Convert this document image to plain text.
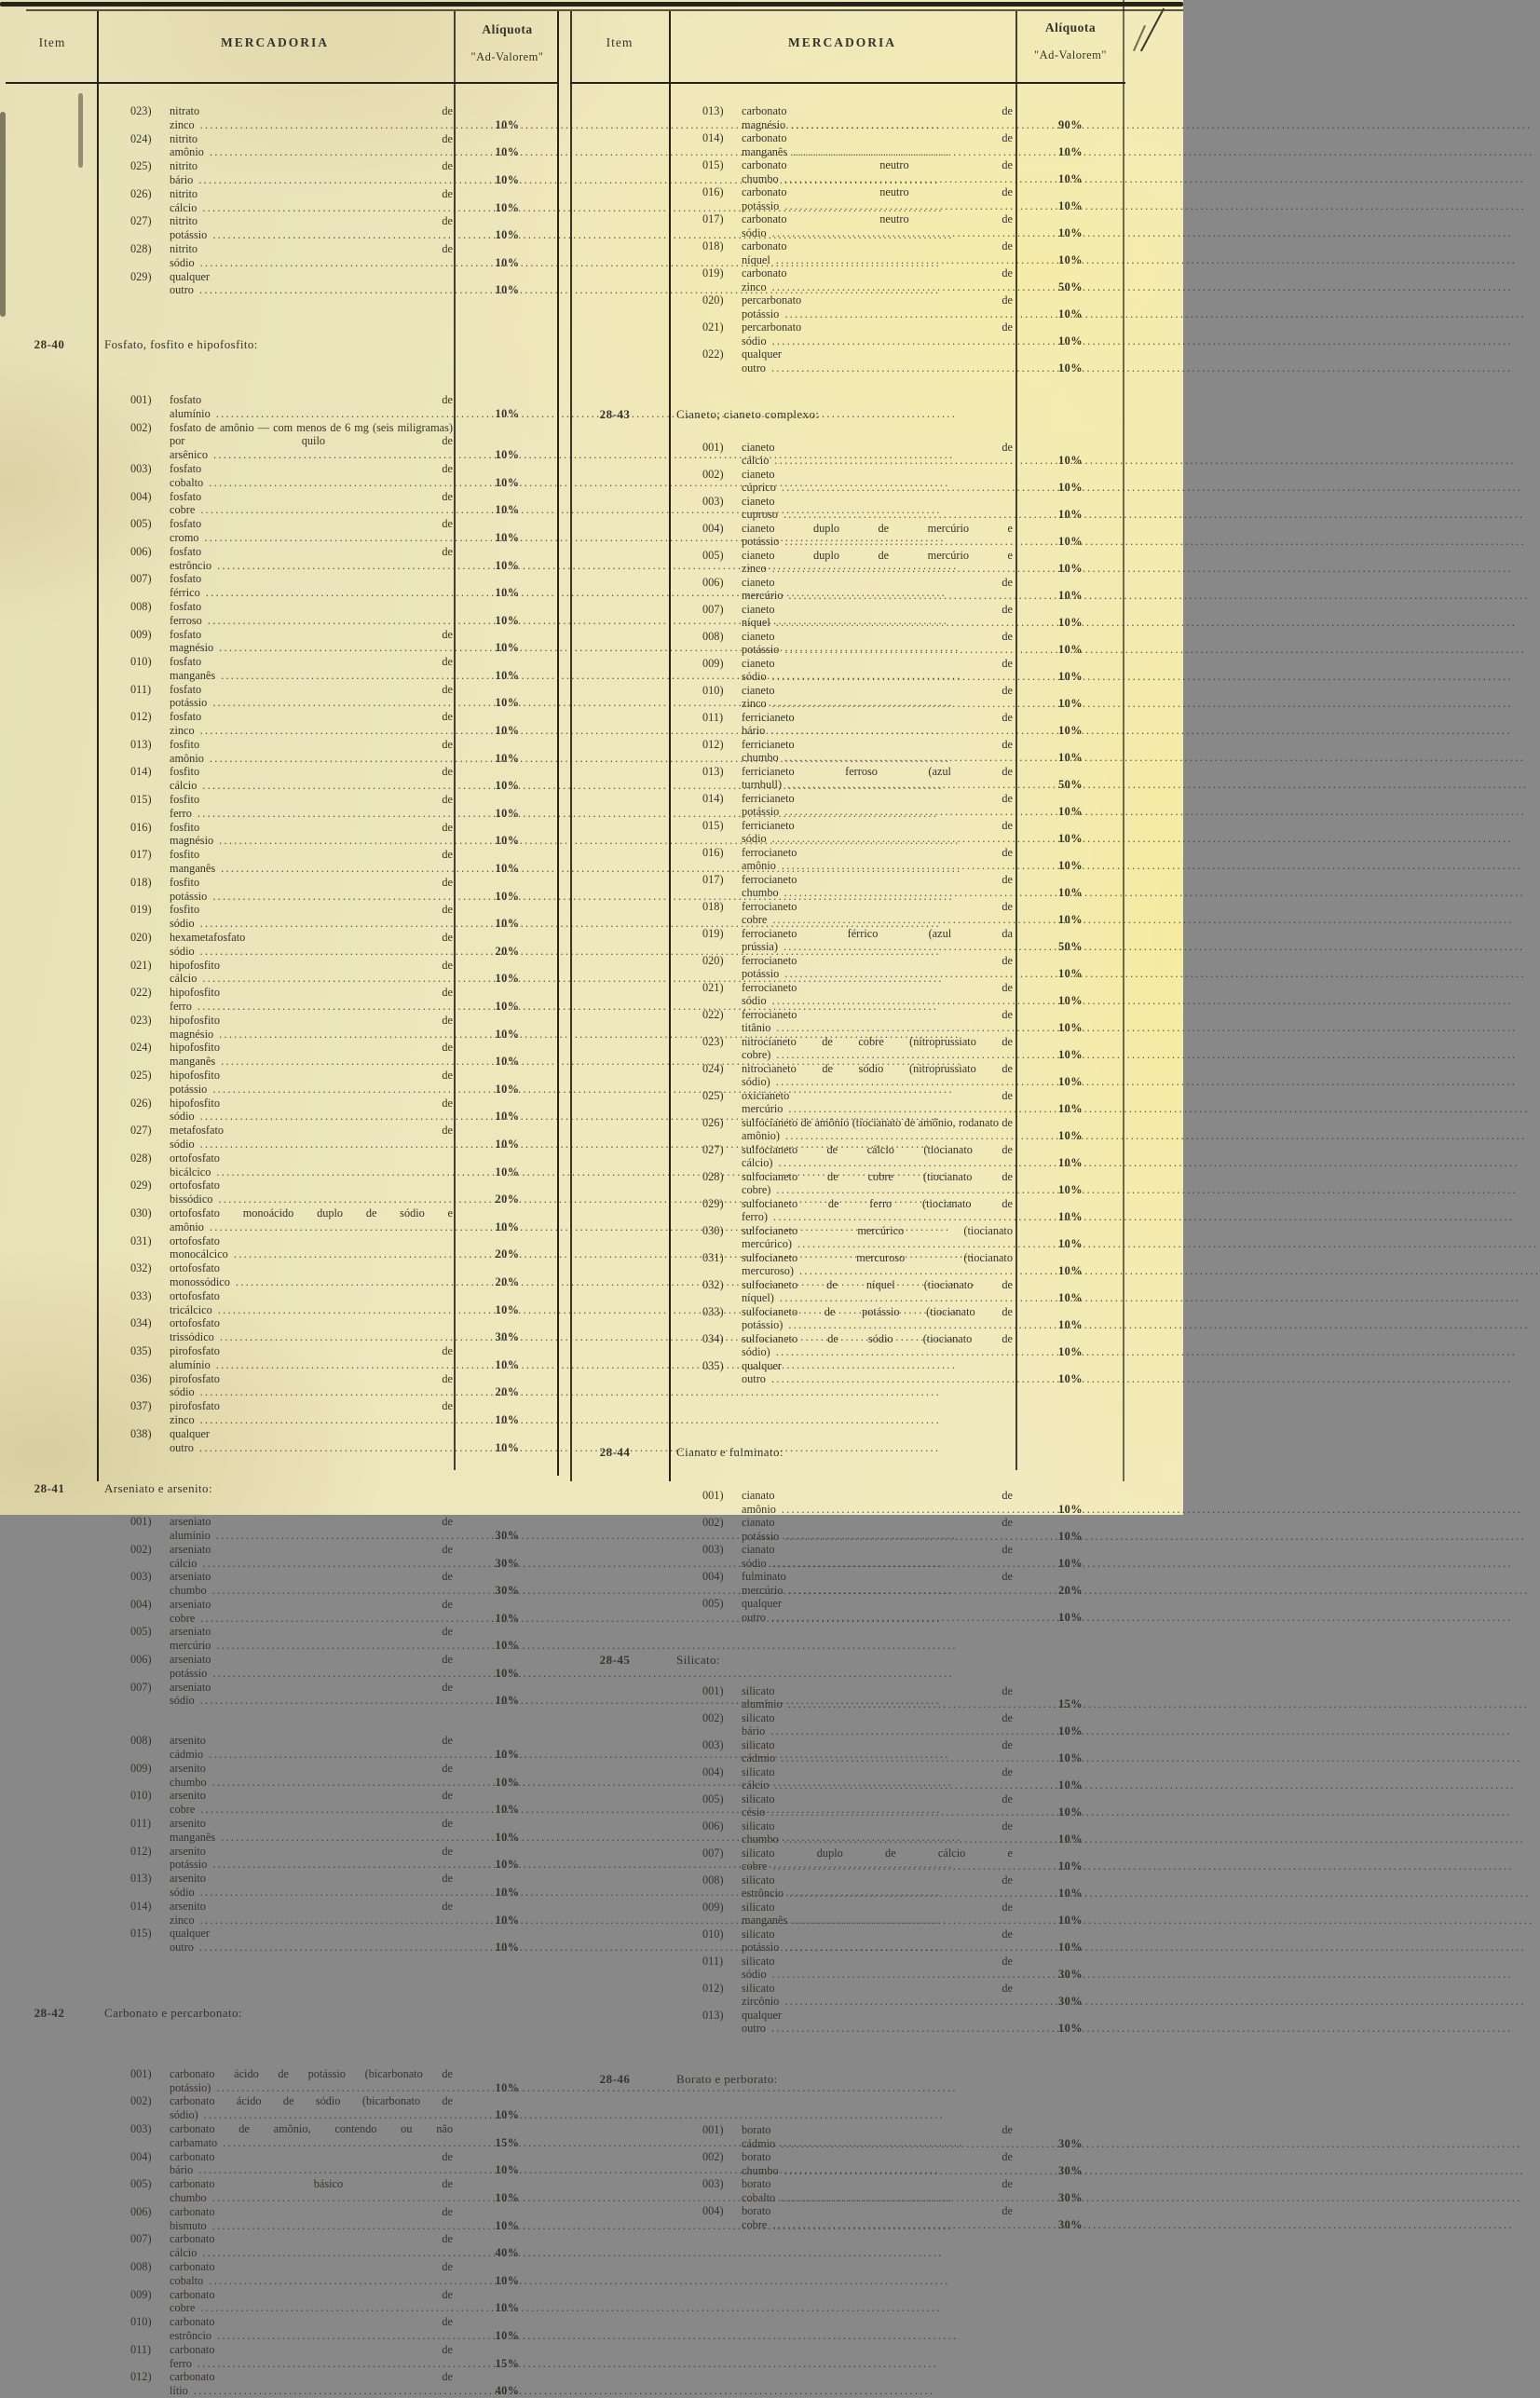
Item	MERCADORIA
Alíquota
"Ad-Valorem"
023)	nitrato de zinco .....	10%
024)	nitrito de amônio .....	10%
025)	nitrito de bário .....	10%
026)	nitrito de cálcio .....	10%
027)	nitrito de potássio .....	10%
028)	nitrito de sódio .....	10%
029)	qualquer outro .....	10%
28-40	Fosfato, fosfito e hipofosfito:
001)	fosfato de alumínio .....	10%
002)	fosfato de amônio — com menos de 6 mg (seis miligramas) por quilo de arsênico .....	10%
003)	fosfato de cobalto .....	10%
004)	fosfato de cobre .....	10%
005)	fosfato de cromo .....	10%
006)	fosfato de estrôncio .....	10%
007)	fosfato férrico .....	10%
008)	fosfato ferroso .....	10%
009)	fosfato de magnésio .....	10%
010)	fosfato de manganês .....	10%
011)	fosfato de potássio .....	10%
012)	fosfato de zinco .....	10%
013)	fosfito de amônio .....	10%
014)	fosfito de cálcio .....	10%
015)	fosfito de ferro .....	10%
016)	fosfito de magnésio .....	10%
017)	fosfito de manganês .....	10%
018)	fosfito de potássio .....	10%
019)	fosfito de sódio .....	10%
020)	hexametafosfato de sódio .....	20%
021)	hipofosfito de cálcio .....	10%
022)	hipofosfito de ferro .....	10%
023)	hipofosfito de magnésio .....	10%
024)	hipofosfito de manganês .....	10%
025)	hipofosfito de potássio .....	10%
026)	hipofosfito de sódio .....	10%
027)	metafosfato de sódio .....	10%
028)	ortofosfato bicálcico .....	10%
029)	ortofosfato bissódico .....	20%
030)	ortofosfato monoácido duplo de sódio e amônio .....	10%
031)	ortofosfato monocálcico .....	20%
032)	ortofosfato monossódico .....	20%
033)	ortofosfato tricálcico .....	10%
034)	ortofosfato trissódico .....	30%
035)	pirofosfato de alumínio .....	10%
036)	pirofosfato de sódio .....	20%
037)	pirofosfato de zinco .....	10%
038)	qualquer outro .....	10%
28-41	Arseniato e arsenito:
001)	arseniato de alumínio .....	30%
002)	arseniato de cálcio .....	30%
003)	arseniato de chumbo .....	30%
004)	arseniato de cobre .....	10%
005)	arseniato de mercúrio .....	10%
006)	arseniato de potássio .....	10%
007)	arseniato de sódio .....	10%
008)	arsenito de cádmio .....	10%
009)	arsenito de chumbo .....	10%
010)	arsenito de cobre .....	10%
011)	arsenito de manganês .....	10%
012)	arsenito de potássio .....	10%
013)	arsenito de sódio .....	10%
014)	arsenito de zinco .....	10%
015)	qualquer outro .....	10%
28-42	Carbonato e percarbonato:
001)	carbonato ácido de potássio (bicarbonato de potássio) .....	10%
002)	carbonato ácido de sódio (bicarbonato de sódio) .....	10%
003)	carbonato de amônio, contendo ou não carbamato .....	15%
004)	carbonato de bário .....	10%
005)	carbonato básico de chumbo .....	10%
006)	carbonato de bismuto .....	10%
007)	carbonato de cálcio .....	40%
008)	carbonato de cobalto .....	10%
009)	carbonato de cobre .....	10%
010)	carbonato de estrôncio .....	10%
011)	carbonato de ferro .....	15%
012)	carbonato de lítio .....	40%
Item	MERCADORIA
Alíquota
"Ad-Valorem"
013)	carbonato de magnésio .....	90%
014)	carbonato de manganês .....	10%
015)	carbonato neutro de chumbo .....	10%
016)	carbonato neutro de potássio .....	10%
017)	carbonato neutro de sódio .....	10%
018)	carbonato de níquel .....	10%
019)	carbonato de zinco .....	50%
020)	percarbonato de potássio .....	10%
021)	percarbonato de sódio .....	10%
022)	qualquer outro .....	10%
28-43	Cianeto; cianeto complexo:
001)	cianeto de cálcio .....	10%
002)	cianeto cúprico .....	10%
003)	cianeto cuproso .....	10%
004)	cianeto duplo de mercúrio e potássio .....	10%
005)	cianeto duplo de mercúrio e zinco .....	10%
006)	cianeto de mercúrio .....	10%
007)	cianeto de níquel .....	10%
008)	cianeto de potássio .....	10%
009)	cianeto de sódio .....	10%
010)	cianeto de zinco .....	10%
011)	ferricianeto de bário .....	10%
012)	ferricianeto de chumbo .....	10%
013)	ferricianeto ferroso (azul de turnbull) .....	50%
014)	ferricianeto de potássio .....	10%
015)	ferricianeto de sódio .....	10%
016)	ferrocianeto de amônio .....	10%
017)	ferrocianeto de chumbo .....	10%
018)	ferrocianeto de cobre .....	10%
019)	ferrocianeto férrico (azul da prússia) .....	50%
020)	ferrocianeto de potássio .....	10%
021)	ferrocianeto de sódio .....	10%
022)	ferrocianeto de titânio .....	10%
023)	nitrocianeto de cobre (nitroprussiato de cobre) .....	10%
024)	nitrocianeto de sódio (nitroprussiato de sódio) .....	10%
025)	oxicianeto de mercúrio .....	10%
026)	sulfocianeto de amônio (tiocianato de amônio, rodanato de amônio) .....	10%
027)	sulfocianeto de cálcio (tiocianato de cálcio) .....	10%
028)	sulfocianeto de cobre (tiocianato de cobre) .....	10%
029)	sulfocianeto de ferro (tiocianato de ferro) .....	10%
030)	sulfocianeto mercúrico (tiocianato mercúrico) .....	10%
031)	sulfocianeto mercuroso (tiocianato mercuroso) .....	10%
032)	sulfocianeto de níquel (tiocianato de níquel) .....	10%
033)	sulfocianeto de potássio (tiocianato de potássio) .....	10%
034)	sulfocianeto de sódio (tiocianato de sódio) .....	10%
035)	qualquer outro .....	10%
28-44	Cianato e fulminato:
001)	cianato de amônio .....	10%
002)	cianato de potássio .....	10%
003)	cianato de sódio .....	10%
004)	fulminato de mercúrio .....	20%
005)	qualquer outro .....	10%
28-45	Silicato:
001)	silicato de alumínio .....	15%
002)	silicato de bário .....	10%
003)	silicato de cádmio .....	10%
004)	silicato de cálcio .....	10%
005)	silicato de césio .....	10%
006)	silicato de chumbo .....	10%
007)	silicato duplo de cálcio e cobre .....	10%
008)	silicato de estrôncio .....	10%
009)	silicato de manganês .....	10%
010)	silicato de potássio .....	10%
011)	silicato de sódio .....	30%
012)	silicato de zircônio .....	30%
013)	qualquer outro .....	10%
28-46	Borato e perborato:
001)	borato de cádmio .....	30%
002)	borato de chumbo .....	30%
003)	borato de cobalto .....	30%
004)	borato de cobre .....	30%
